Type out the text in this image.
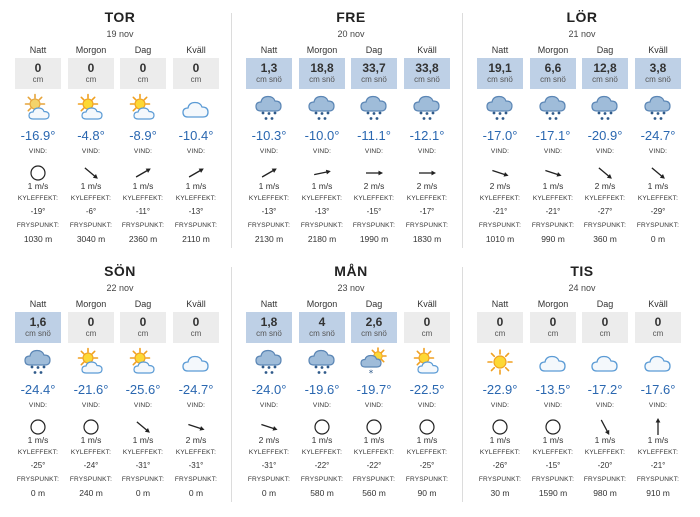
TOR
19 nov
Natt
0
cm
-16.9°
VIND:
1 m/s
KYLEFFEKT:
-19°
FRYSPUNKT:
1030 m
Morgon
0
cm
-4.8°
VIND:
1 m/s
KYLEFFEKT:
-6°
FRYSPUNKT:
3040 m
Dag
0
cm
-8.9°
VIND:
1 m/s
KYLEFFEKT:
-11°
FRYSPUNKT:
2360 m
Kväll
0
cm
-10.4°
VIND:
1 m/s
KYLEFFEKT:
-13°
FRYSPUNKT:
2110 m
FRE
20 nov
Natt
1,3
cm snö
-10.3°
VIND:
1 m/s
KYLEFFEKT:
-13°
FRYSPUNKT:
2130 m
Morgon
18,8
cm snö
-10.0°
VIND:
1 m/s
KYLEFFEKT:
-13°
FRYSPUNKT:
2180 m
Dag
33,7
cm snö
-11.1°
VIND:
2 m/s
KYLEFFEKT:
-15°
FRYSPUNKT:
1990 m
Kväll
33,8
cm snö
-12.1°
VIND:
2 m/s
KYLEFFEKT:
-17°
FRYSPUNKT:
1830 m
LÖR
21 nov
Natt
19,1
cm snö
-17.0°
VIND:
2 m/s
KYLEFFEKT:
-21°
FRYSPUNKT:
1010 m
Morgon
6,6
cm snö
-17.1°
VIND:
1 m/s
KYLEFFEKT:
-21°
FRYSPUNKT:
990 m
Dag
12,8
cm snö
-20.9°
VIND:
2 m/s
KYLEFFEKT:
-27°
FRYSPUNKT:
360 m
Kväll
3,8
cm snö
-24.7°
VIND:
1 m/s
KYLEFFEKT:
-29°
FRYSPUNKT:
0 m
SÖN
22 nov
Natt
1,6
cm snö
-24.4°
VIND:
1 m/s
KYLEFFEKT:
-25°
FRYSPUNKT:
0 m
Morgon
0
cm
-21.6°
VIND:
1 m/s
KYLEFFEKT:
-24°
FRYSPUNKT:
240 m
Dag
0
cm
-25.6°
VIND:
1 m/s
KYLEFFEKT:
-31°
FRYSPUNKT:
0 m
Kväll
0
cm
-24.7°
VIND:
2 m/s
KYLEFFEKT:
-31°
FRYSPUNKT:
0 m
MÅN
23 nov
Natt
1,8
cm snö
-24.0°
VIND:
2 m/s
KYLEFFEKT:
-31°
FRYSPUNKT:
0 m
Morgon
4
cm snö
-19.6°
VIND:
1 m/s
KYLEFFEKT:
-22°
FRYSPUNKT:
580 m
Dag
2,6
cm snö
*
-19.7°
VIND:
1 m/s
KYLEFFEKT:
-22°
FRYSPUNKT:
560 m
Kväll
0
cm
-22.5°
VIND:
1 m/s
KYLEFFEKT:
-25°
FRYSPUNKT:
90 m
TIS
24 nov
Natt
0
cm
-22.9°
VIND:
1 m/s
KYLEFFEKT:
-26°
FRYSPUNKT:
30 m
Morgon
0
cm
-13.5°
VIND:
1 m/s
KYLEFFEKT:
-15°
FRYSPUNKT:
1590 m
Dag
0
cm
-17.2°
VIND:
1 m/s
KYLEFFEKT:
-20°
FRYSPUNKT:
980 m
Kväll
0
cm
-17.6°
VIND:
1 m/s
KYLEFFEKT:
-21°
FRYSPUNKT:
910 m
